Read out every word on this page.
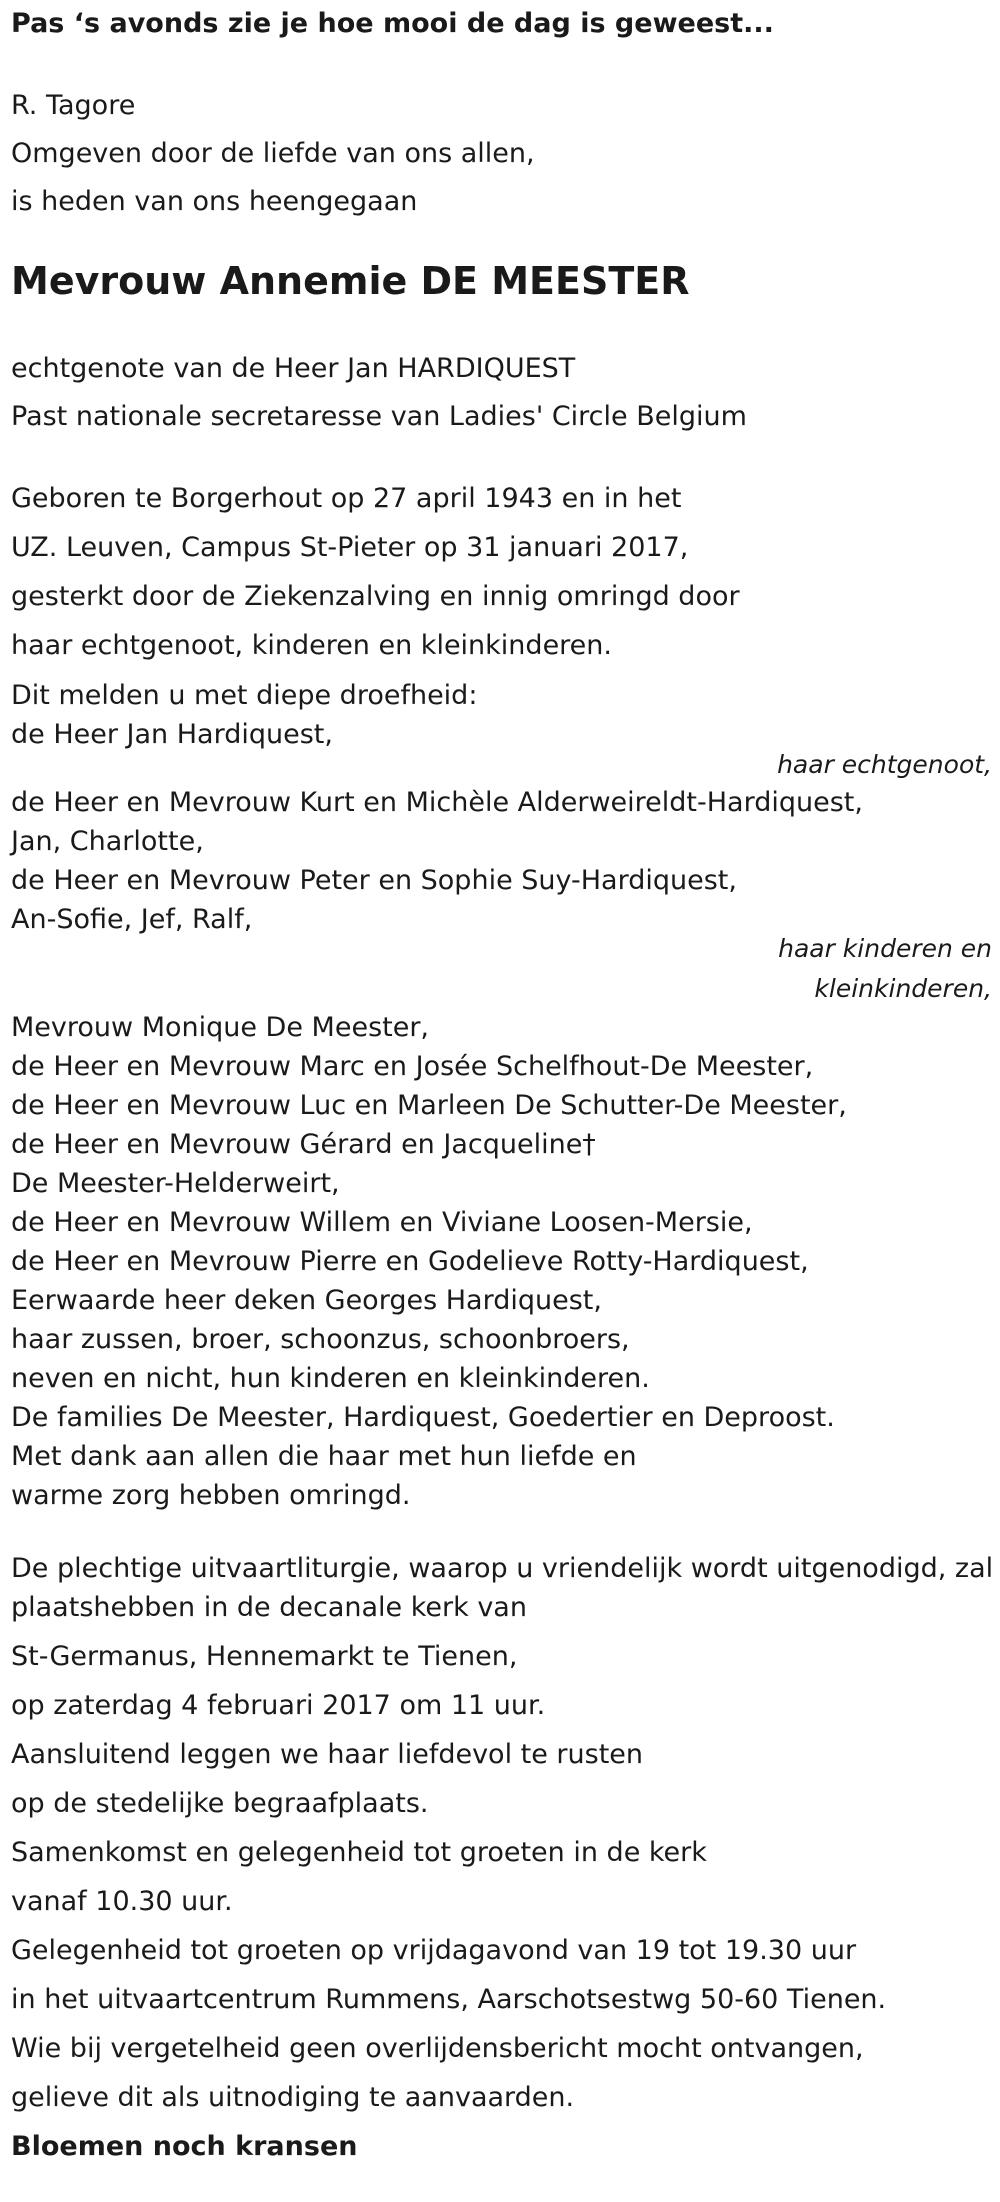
Pas ‘s avonds zie je hoe mooi de dag is geweest...

R. Tagore

Omgeven door de liefde van ons allen,

is heden van ons heengegaan

Mevrouw Annemie DE MEESTER

echtgenote van de Heer Jan HARDIQUEST

Past nationale secretaresse van Ladies' Circle Belgium

Geboren te Borgerhout op 27 april 1943 en in het

UZ. Leuven, Campus St-Pieter op 31 januari 2017,

gesterkt door de Ziekenzalving en innig omringd door

haar echtgenoot, kinderen en kleinkinderen.

Dit melden u met diepe droefheid:

de Heer Jan Hardiquest,

haar echtgenoot,

de Heer en Mevrouw Kurt en Michèle Alderweireldt-Hardiquest,

Jan, Charlotte,

de Heer en Mevrouw Peter en Sophie Suy-Hardiquest,

An-Sofie, Jef, Ralf,

haar kinderen en

kleinkinderen,

Mevrouw Monique De Meester,

de Heer en Mevrouw Marc en Josée Schelfhout-De Meester,

de Heer en Mevrouw Luc en Marleen De Schutter-De Meester,

de Heer en Mevrouw Gérard en Jacqueline†

De Meester-Helderweirt,

de Heer en Mevrouw Willem en Viviane Loosen-Mersie,

de Heer en Mevrouw Pierre en Godelieve Rotty-Hardiquest,

Eerwaarde heer deken Georges Hardiquest,

haar zussen, broer, schoonzus, schoonbroers,

neven en nicht, hun kinderen en kleinkinderen.

De families De Meester, Hardiquest, Goedertier en Deproost.

Met dank aan allen die haar met hun liefde en

warme zorg hebben omringd.

De plechtige uitvaartliturgie, waarop u vriendelijk wordt uitgenodigd, zal

plaatshebben in de decanale kerk van

St-Germanus, Hennemarkt te Tienen,

op zaterdag 4 februari 2017 om 11 uur.

Aansluitend leggen we haar liefdevol te rusten

op de stedelijke begraafplaats.

Samenkomst en gelegenheid tot groeten in de kerk

vanaf 10.30 uur.

Gelegenheid tot groeten op vrijdagavond van 19 tot 19.30 uur

in het uitvaartcentrum Rummens, Aarschotsestwg 50-60 Tienen.

Wie bij vergetelheid geen overlijdensbericht mocht ontvangen,

gelieve dit als uitnodiging te aanvaarden.

Bloemen noch kransen
